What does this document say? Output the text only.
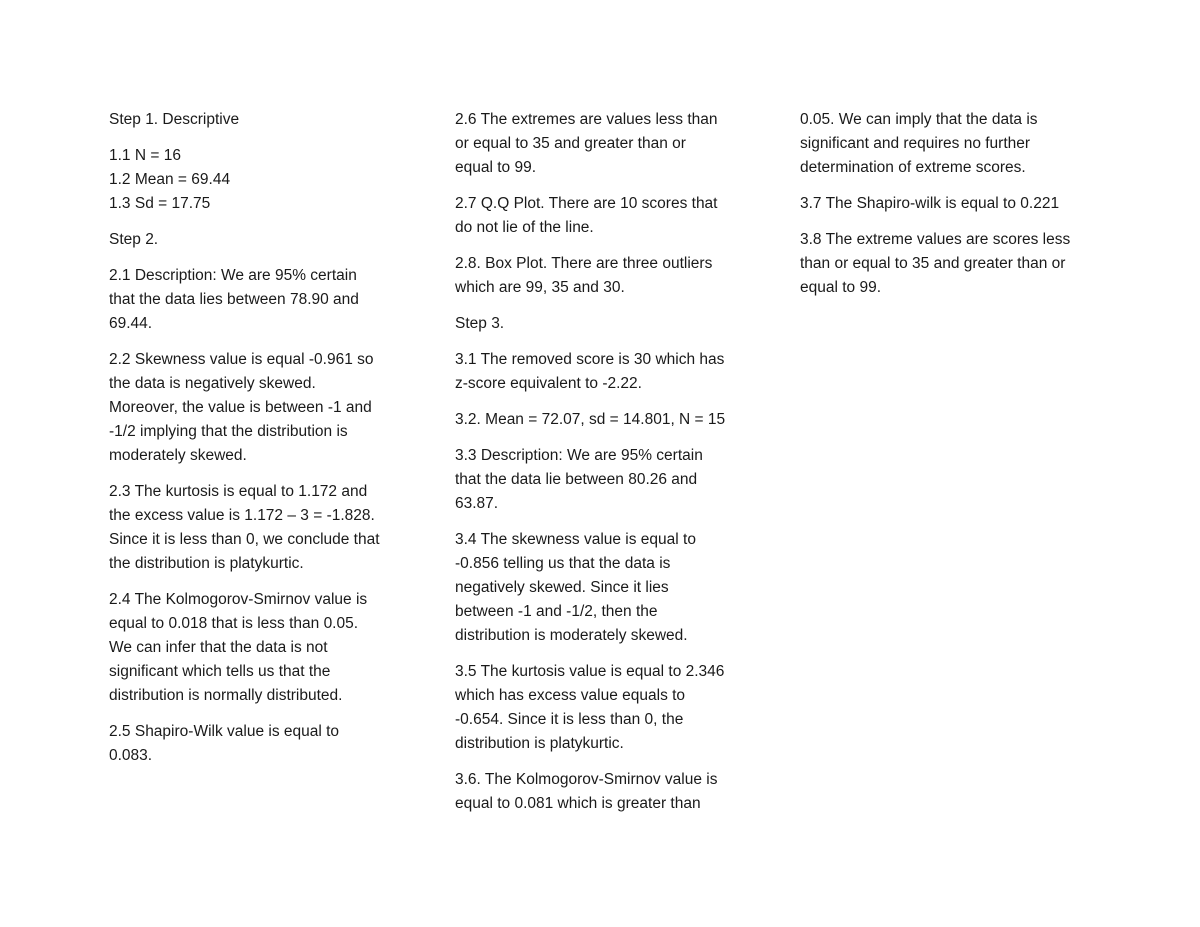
Step 1. Descriptive

1.1 N = 16
1.2 Mean = 69.44
1.3 Sd = 17.75

Step 2.

2.1 Description: We are 95% certain
that the data lies between 78.90 and
69.44.

2.2 Skewness value is equal -0.961 so
the data is negatively skewed.
Moreover, the value is between -1 and
-1/2 implying that the distribution is
moderately skewed.

2.3 The kurtosis is equal to 1.172 and
the excess value is 1.172 – 3 = -1.828.
Since it is less than 0, we conclude that
the distribution is platykurtic.

2.4 The Kolmogorov-Smirnov value is
equal to 0.018 that is less than 0.05.
We can infer that the data is not
significant which tells us that the
distribution is normally distributed.

2.5 Shapiro-Wilk value is equal to
0.083.

2.6 The extremes are values less than
or equal to 35 and greater than or
equal to 99.

2.7 Q.Q Plot. There are 10 scores that
do not lie of the line.

2.8. Box Plot. There are three outliers
which are 99, 35 and 30.

Step 3.

3.1 The removed score is 30 which has
z-score equivalent to -2.22.

3.2. Mean = 72.07, sd = 14.801, N = 15

3.3 Description: We are 95% certain
that the data lie between 80.26 and
63.87.

3.4 The skewness value is equal to
-0.856 telling us that the data is
negatively skewed. Since it lies
between -1 and -1/2, then the
distribution is moderately skewed.

3.5 The kurtosis value is equal to 2.346
which has excess value equals to
-0.654. Since it is less than 0, the
distribution is platykurtic.

3.6. The Kolmogorov-Smirnov value is
equal to 0.081 which is greater than

0.05. We can imply that the data is
significant and requires no further
determination of extreme scores.

3.7 The Shapiro-wilk is equal to 0.221

3.8 The extreme values are scores less
than or equal to 35 and greater than or
equal to 99.
